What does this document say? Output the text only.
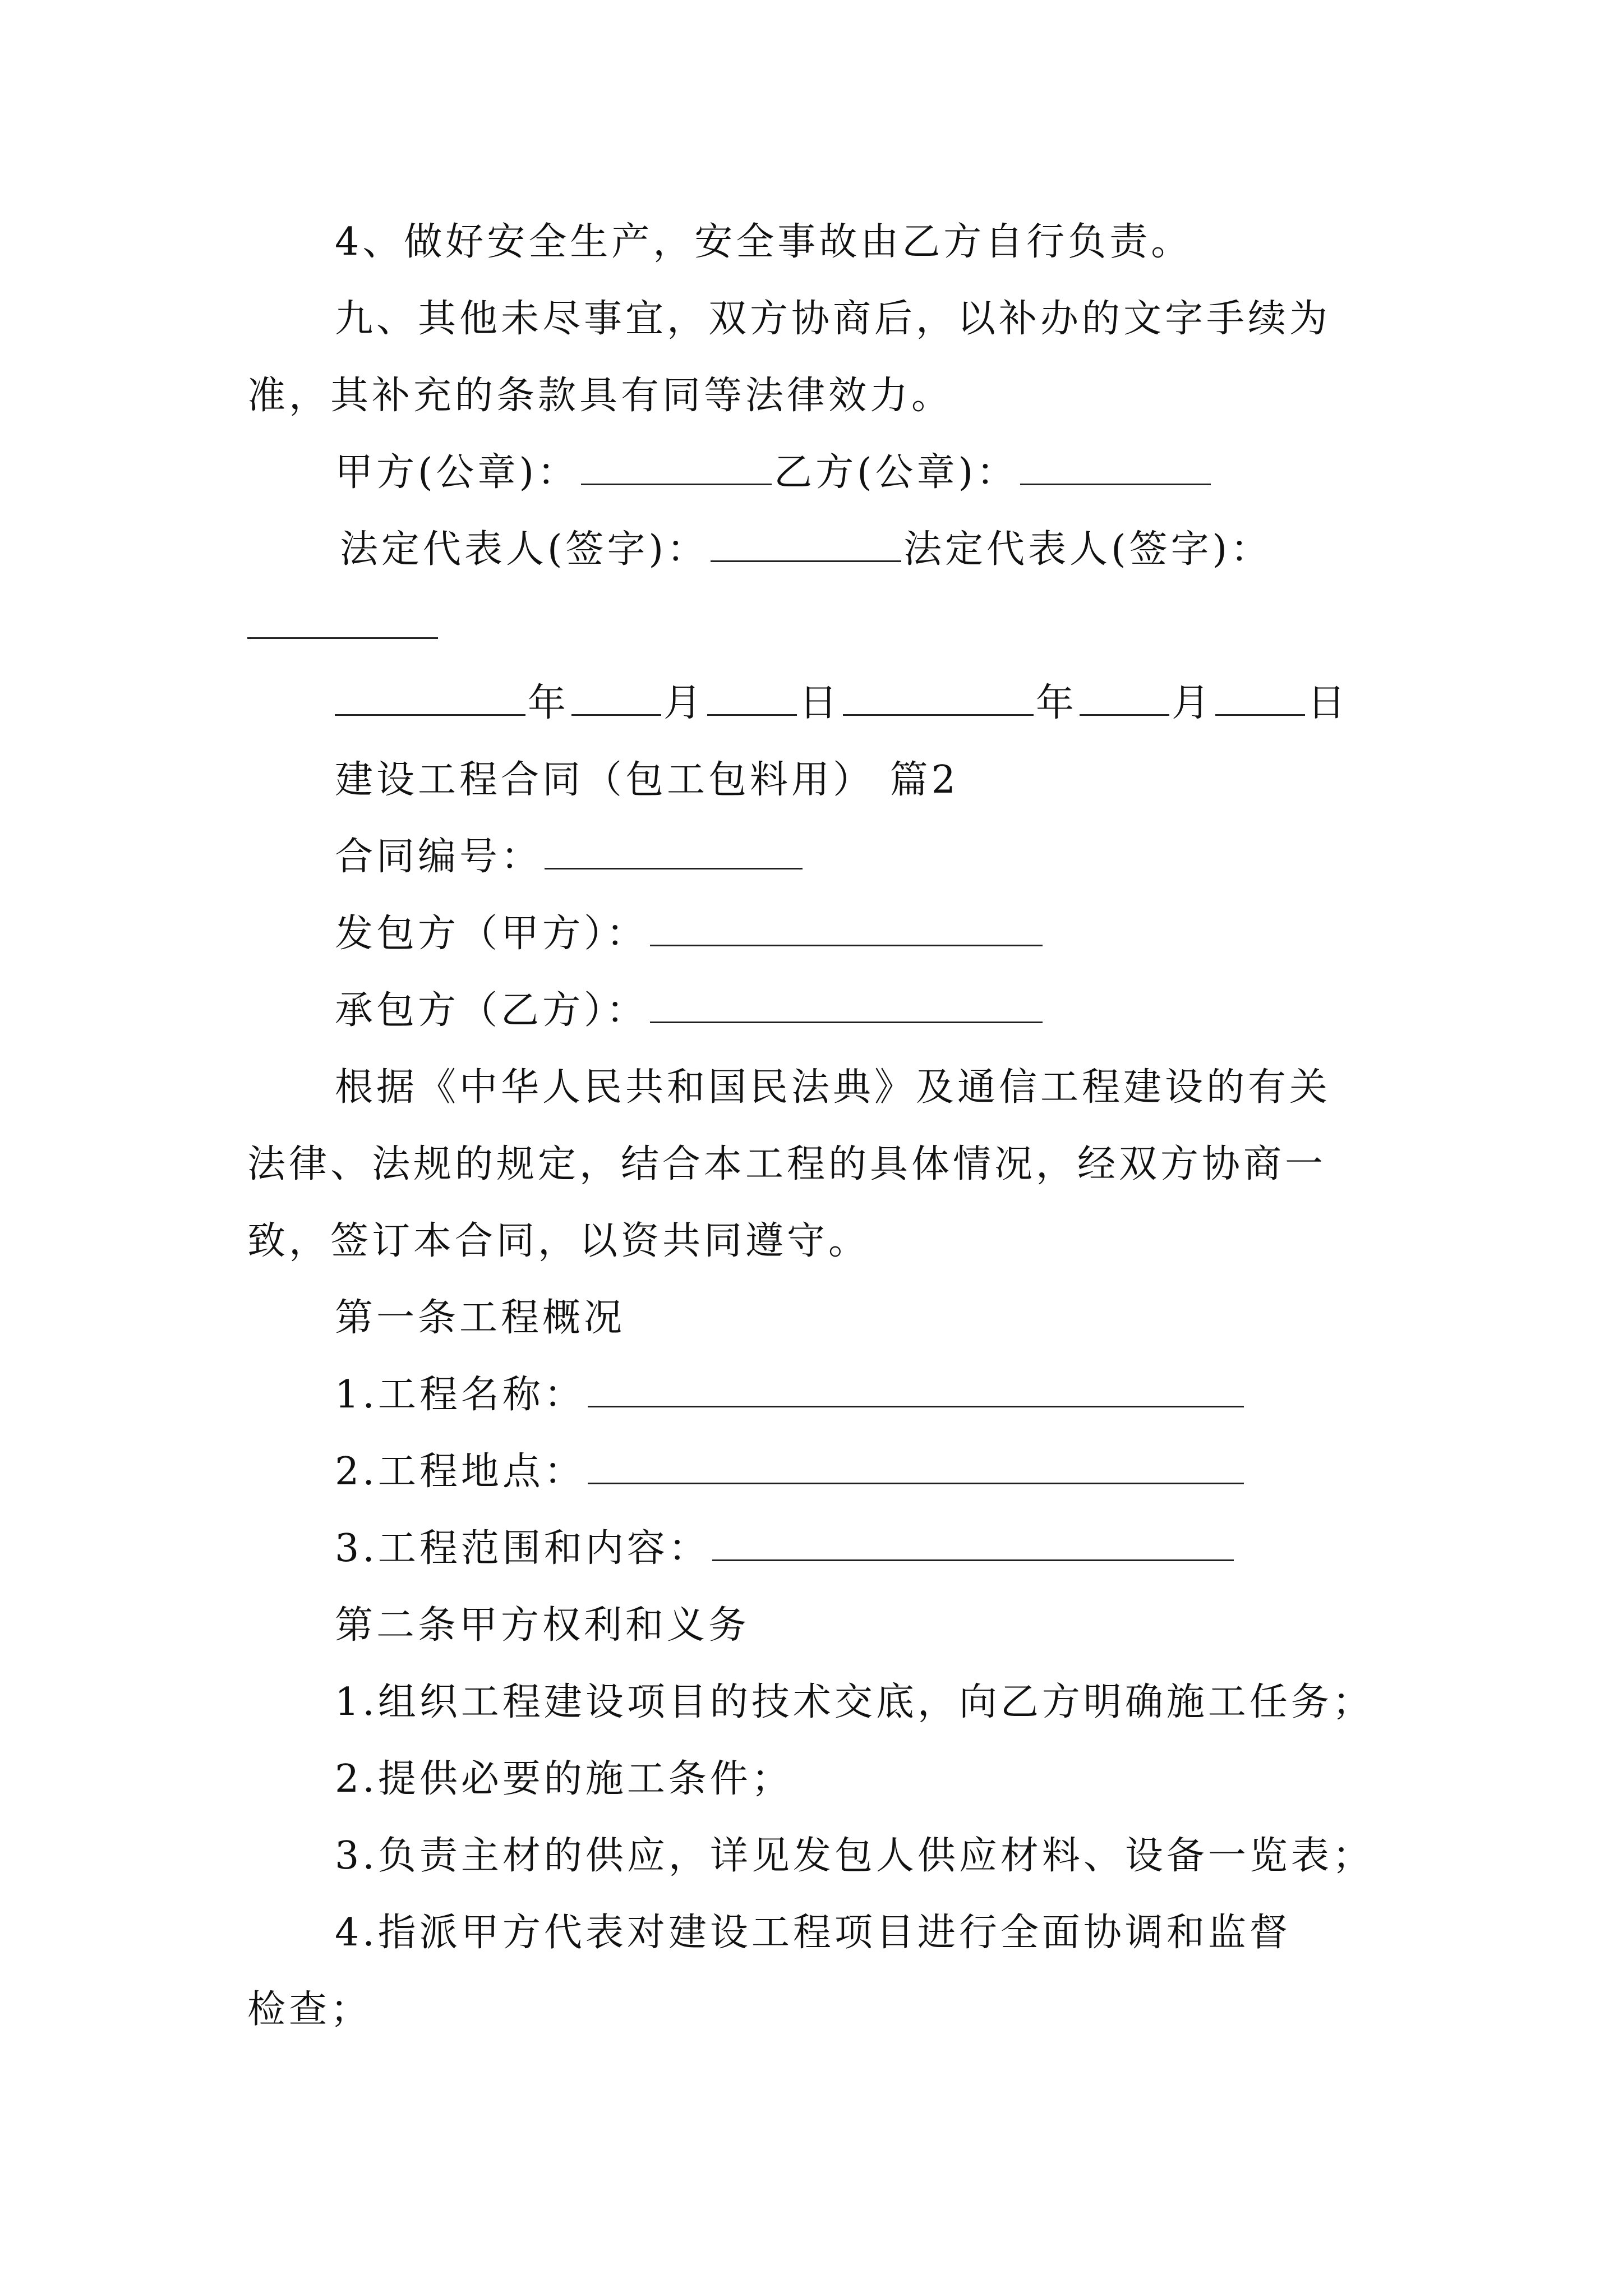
4、做好安全生产，安全事故由乙方自行负责。
九、其他未尽事宜，双方协商后，以补办的文字手续为
准，其补充的条款具有同等法律效力。
甲方(公章)：	乙方(公章)：
法定代表人(签字)：	法定代表人(签字)：
年 月 日	年 月 日
建设工程合同（包工包料用） 篇2
合同编号：
发包方（甲方）：
承包方（乙方）：
根据《中华人民共和国民法典》及通信工程建设的有关
法律、法规的规定，结合本工程的具体情况，经双方协商一
致，签订本合同，以资共同遵守。
第一条工程概况
1.工程名称：
2.工程地点：
3.工程范围和内容：
第二条甲方权利和义务
1.组织工程建设项目的技术交底，向乙方明确施工任务；
2.提供必要的施工条件；
3.负责主材的供应，详见发包人供应材料、设备一览表；
4.指派甲方代表对建设工程项目进行全面协调和监督
检查；
